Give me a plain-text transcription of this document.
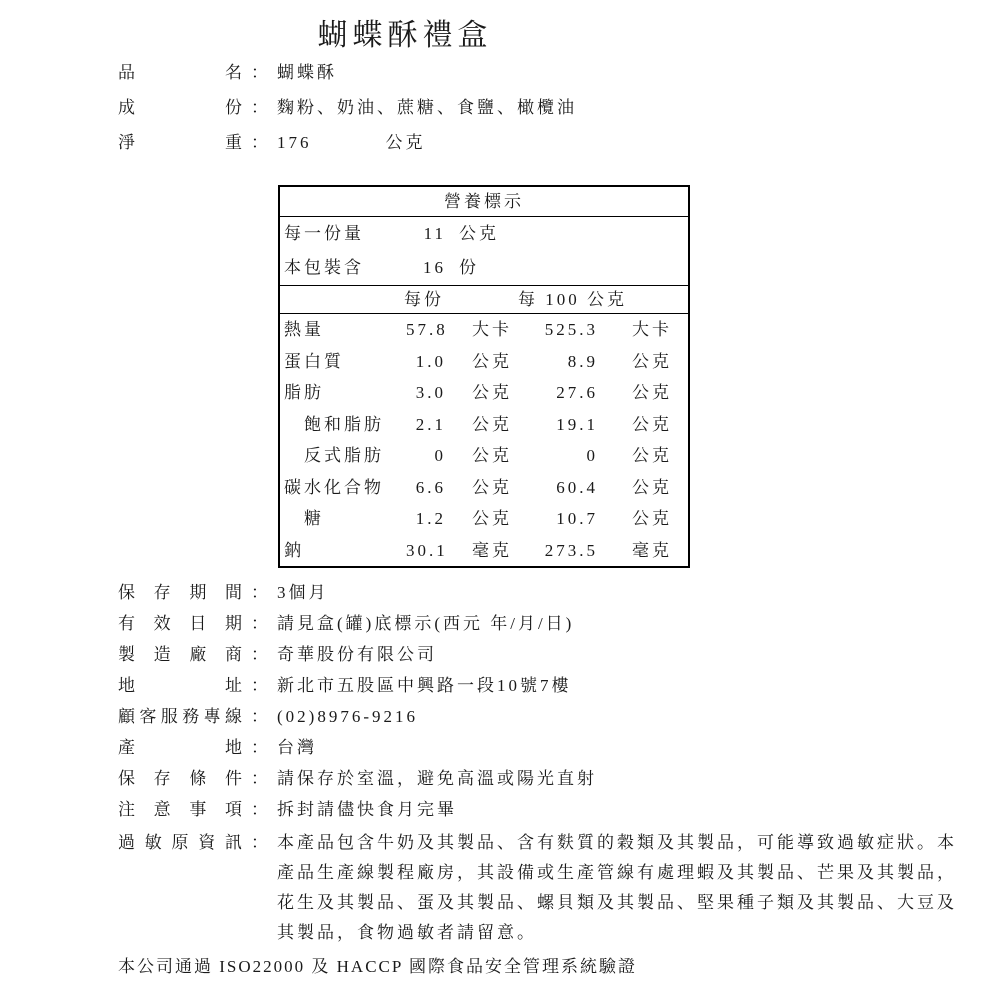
蝴蝶酥禮盒
品名 ： 蝴蝶酥
成份 ： 麴粉、奶油、蔗糖、食鹽、橄欖油
淨重 ： 176	公克
營養標示
每一份量	11 公克
本包裝含	16 份
每份	每 100 公克
熱量	57.8	大卡	525.3	大卡
蛋白質	1.0	公克	8.9	公克
脂肪	3.0	公克	27.6	公克
　飽和脂肪	2.1	公克	19.1	公克
　反式脂肪	0	公克	0	公克
碳水化合物	6.6	公克	60.4	公克
　糖	1.2	公克	10.7	公克
鈉	30.1	毫克	273.5	毫克
保存期間 ： 3個月
有效日期 ： 請見盒(罐)底標示(西元 年/月/日)
製造廠商 ： 奇華股份有限公司
地址 ： 新北市五股區中興路一段10號7樓
顧客服務專線 ： (02)8976-9216
產地 ： 台灣
保存條件 ： 請保存於室溫，避免高溫或陽光直射
注意事項 ： 拆封請儘快食月完畢
過敏原資訊 ： 本產品包含牛奶及其製品、含有麩質的穀類及其製品，可能導致過敏症狀。本產品生產線製程廠房，其設備或生產管線有處理蝦及其製品、芒果及其製品，花生及其製品、蛋及其製品、螺貝類及其製品、堅果種子類及其製品、大豆及其製品，食物過敏者請留意。
本公司通過 ISO22000 及 HACCP 國際食品安全管理系統驗證
